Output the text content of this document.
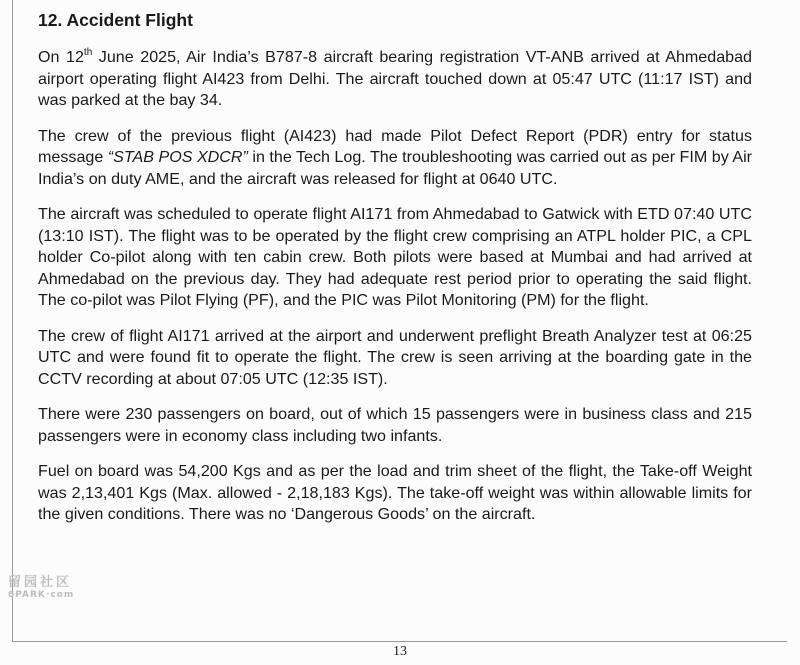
12. Accident Flight

On 12th June 2025, Air India’s B787-8 aircraft bearing registration VT-ANB arrived at Ahmedabad airport operating flight AI423 from Delhi. The aircraft touched down at 05:47 UTC (11:17 IST) and was parked at the bay 34.

The crew of the previous flight (AI423) had made Pilot Defect Report (PDR) entry for status message “STAB POS XDCR” in the Tech Log. The troubleshooting was carried out as per FIM by Air India’s on duty AME, and the aircraft was released for flight at 0640 UTC.

The aircraft was scheduled to operate flight AI171 from Ahmedabad to Gatwick with ETD 07:40 UTC (13:10 IST). The flight was to be operated by the flight crew comprising an ATPL holder PIC, a CPL holder Co-pilot along with ten cabin crew. Both pilots were based at Mumbai and had arrived at Ahmedabad on the previous day. They had adequate rest period prior to operating the said flight. The co-pilot was Pilot Flying (PF), and the PIC was Pilot Monitoring (PM) for the flight.

The crew of flight AI171 arrived at the airport and underwent preflight Breath Analyzer test at 06:25 UTC and were found fit to operate the flight. The crew is seen arriving at the boarding gate in the CCTV recording at about 07:05 UTC (12:35 IST).

There were 230 passengers on board, out of which 15 passengers were in business class and 215 passengers were in economy class including two infants.

Fuel on board was 54,200 Kgs and as per the load and trim sheet of the flight, the Take-off Weight was 2,13,401 Kgs (Max. allowed - 2,18,183 Kgs). The take-off weight was within allowable limits for the given conditions. There was no ‘Dangerous Goods’ on the aircraft.

留园社区
6PARK·com
13
